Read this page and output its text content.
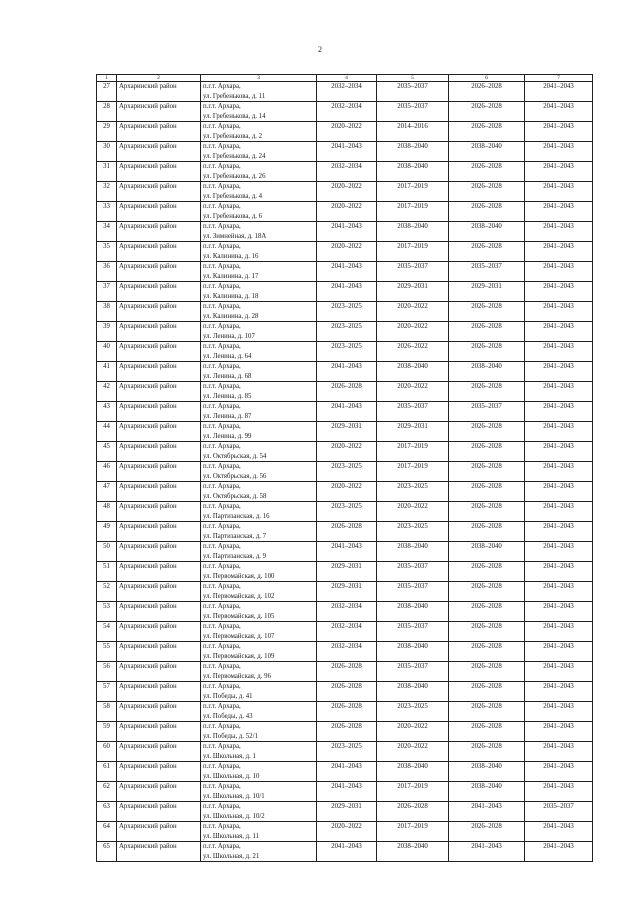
2
1	2	3	4	5	6	7
27	Архаринский район	п.г.т. Архара,
ул. Гребенькова, д. 11	2032–2034	2035–2037	2026–2028	2041–2043
28	Архаринский район	п.г.т. Архара,
ул. Гребенькова, д. 14	2032–2034	2035–2037	2026–2028	2041–2043
29	Архаринский район	п.г.т. Архара,
ул. Гребенькова, д. 2	2020–2022	2014–2016	2026–2028	2041–2043
30	Архаринский район	п.г.т. Архара,
ул. Гребенькова, д. 24	2041–2043	2038–2040	2038–2040	2041–2043
31	Архаринский район	п.г.т. Архара,
ул. Гребенькова, д. 26	2032–2034	2038–2040	2026–2028	2041–2043
32	Архаринский район	п.г.т. Архара,
ул. Гребенькова, д. 4	2020–2022	2017–2019	2026–2028	2041–2043
33	Архаринский район	п.г.т. Архара,
ул. Гребенькова, д. 6	2020–2022	2017–2019	2026–2028	2041–2043
34	Архаринский район	п.г.т. Архара,
ул. Зимнейная, д. 18А	2041–2043	2038–2040	2038–2040	2041–2043
35	Архаринский район	п.г.т. Архара,
ул. Калинина, д. 16	2020–2022	2017–2019	2026–2028	2041–2043
36	Архаринский район	п.г.т. Архара,
ул. Калинина, д. 17	2041–2043	2035–2037	2035–2037	2041–2043
37	Архаринский район	п.г.т. Архара,
ул. Калинина, д. 18	2041–2043	2029–2031	2029–2031	2041–2043
38	Архаринский район	п.г.т. Архара,
ул. Калинина, д. 28	2023–2025	2020–2022	2026–2028	2041–2043
39	Архаринский район	п.г.т. Архара,
ул. Ленина, д. 107	2023–2025	2020–2022	2026–2028	2041–2043
40	Архаринский район	п.г.т. Архара,
ул. Ленина, д. 64	2023–2025	2026–2022	2026–2028	2041–2043
41	Архаринский район	п.г.т. Архара,
ул. Ленина, д. 68	2041–2043	2038–2040	2038–2040	2041–2043
42	Архаринский район	п.г.т. Архара,
ул. Ленина, д. 85	2026–2028	2020–2022	2026–2028	2041–2043
43	Архаринский район	п.г.т. Архара,
ул. Ленина, д. 87	2041–2043	2035–2037	2035–2037	2041–2043
44	Архаринский район	п.г.т. Архара,
ул. Ленина, д. 99	2029–2031	2029–2031	2026–2028	2041–2043
45	Архаринский район	п.г.т. Архара,
ул. Октябрьская, д. 54	2020–2022	2017–2019	2026–2028	2041–2043
46	Архаринский район	п.г.т. Архара,
ул. Октябрьская, д. 56	2023–2025	2017–2019	2026–2028	2041–2043
47	Архаринский район	п.г.т. Архара,
ул. Октябрьская, д. 58	2020–2022	2023–2025	2026–2028	2041–2043
48	Архаринский район	п.г.т. Архара,
ул. Партизанская, д. 16	2023–2025	2020–2022	2026–2028	2041–2043
49	Архаринский район	п.г.т. Архара,
ул. Партизанская, д. 7	2026–2028	2023–2025	2026–2028	2041–2043
50	Архаринский район	п.г.т. Архара,
ул. Партизанская, д. 9	2041–2043	2038–2040	2038–2040	2041–2043
51	Архаринский район	п.г.т. Архара,
ул. Первомайская, д. 100	2029–2031	2035–2037	2026–2028	2041–2043
52	Архаринский район	п.г.т. Архара,
ул. Первомайская, д. 102	2029–2031	2035–2037	2026–2028	2041–2043
53	Архаринский район	п.г.т. Архара,
ул. Первомайская, д. 105	2032–2034	2038–2040	2026–2028	2041–2043
54	Архаринский район	п.г.т. Архара,
ул. Первомайская, д. 107	2032–2034	2035–2037	2026–2028	2041–2043
55	Архаринский район	п.г.т. Архара,
ул. Первомайская, д. 109	2032–2034	2038–2040	2026–2028	2041–2043
56	Архаринский район	п.г.т. Архара,
ул. Первомайская, д. 96	2026–2028	2035–2037	2026–2028	2041–2043
57	Архаринский район	п.г.т. Архара,
ул. Победы, д. 41	2026–2028	2038–2040	2026–2028	2041–2043
58	Архаринский район	п.г.т. Архара,
ул. Победы, д. 43	2026–2028	2023–2025	2026–2028	2041–2043
59	Архаринский район	п.г.т. Архара,
ул. Победы, д. 52/1	2026–2028	2020–2022	2026–2028	2041–2043
60	Архаринский район	п.г.т. Архара,
ул. Школьная, д. 1	2023–2025	2020–2022	2026–2028	2041–2043
61	Архаринский район	п.г.т. Архара,
ул. Школьная, д. 10	2041–2043	2038–2040	2038–2040	2041–2043
62	Архаринский район	п.г.т. Архара,
ул. Школьная, д. 10/1	2041–2043	2017–2019	2038–2040	2041–2043
63	Архаринский район	п.г.т. Архара,
ул. Школьная, д. 10/2	2029–2031	2026–2028	2041–2043	2035–2037
64	Архаринский район	п.г.т. Архара,
ул. Школьная, д. 11	2020–2022	2017–2019	2026–2028	2041–2043
65	Архаринский район	п.г.т. Архара,
ул. Школьная, д. 21	2041–2043	2038–2040	2041–2043	2041–2043
